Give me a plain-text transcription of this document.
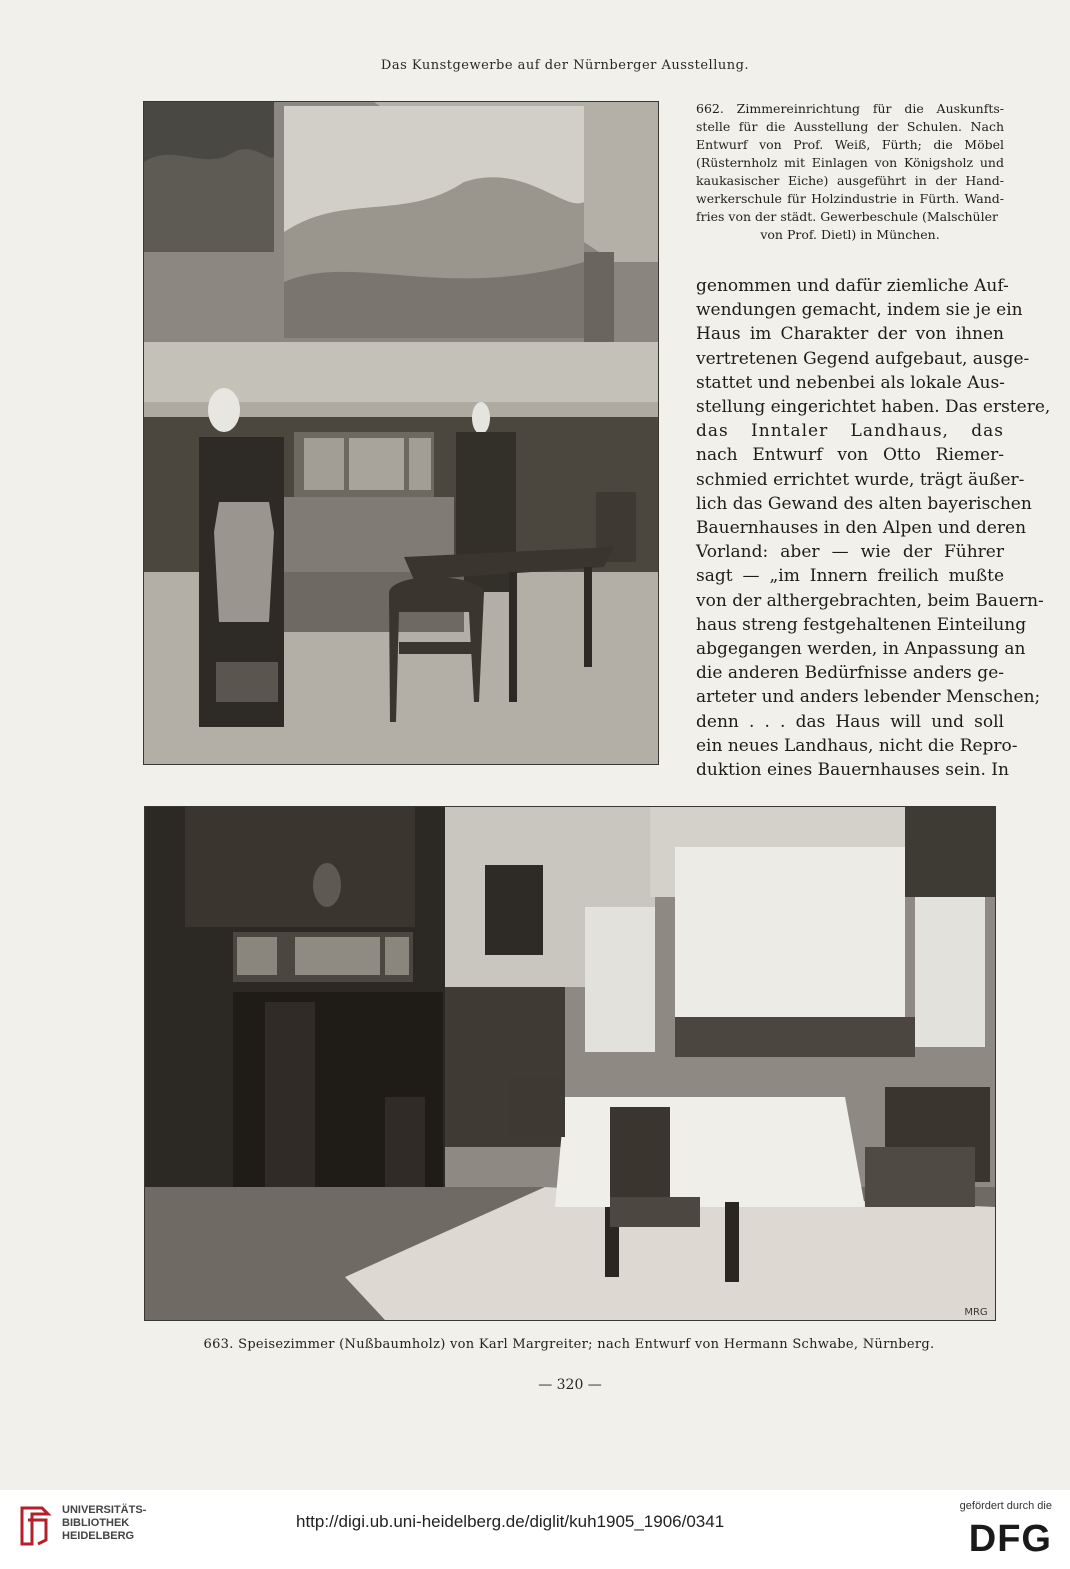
Das Kunstgewerbe auf der Nürnberger Ausstellung.
662. Zimmereinrichtung für die Auskunfts- stelle für die Ausstellung der Schulen. Nach Entwurf von Prof. Weiß, Fürth; die Möbel (Rüsternholz mit Einlagen von Königsholz und kaukasischer Eiche) ausgeführt in der Hand- werkerschule für Holzindustrie in Fürth. Wand- fries von der städt. Gewerbeschule (Malschüler
von Prof. Dietl) in München.
genommen und dafür ziemliche Auf-
wendungen gemacht, indem sie je ein
Haus im Charakter der von ihnen
vertretenen Gegend aufgebaut, ausge-
stattet und nebenbei als lokale Aus-
stellung eingerichtet haben. Das erstere,
das Inntaler Landhaus, das
nach Entwurf von Otto Riemer-
schmied errichtet wurde, trägt äußer-
lich das Gewand des alten bayerischen
Bauernhauses in den Alpen und deren
Vorland: aber — wie der Führer
sagt — „im Innern freilich mußte
von der althergebrachten, beim Bauern-
haus streng festgehaltenen Einteilung
abgegangen werden, in Anpassung an
die anderen Bedürfnisse anders ge-
arteter und anders lebender Menschen;
denn . . . das Haus will und soll
ein neues Landhaus, nicht die Repro-
duktion eines Bauernhauses sein. In
MRG
663. Speisezimmer (Nußbaumholz) von Karl Margreiter; nach Entwurf von Hermann Schwabe, Nürnberg.
— 320 —
UNIVERSITÄTS-
BIBLIOTHEK
HEIDELBERG
http://digi.ub.uni-heidelberg.de/diglit/kuh1905_1906/0341
gefördert durch die
DFG
